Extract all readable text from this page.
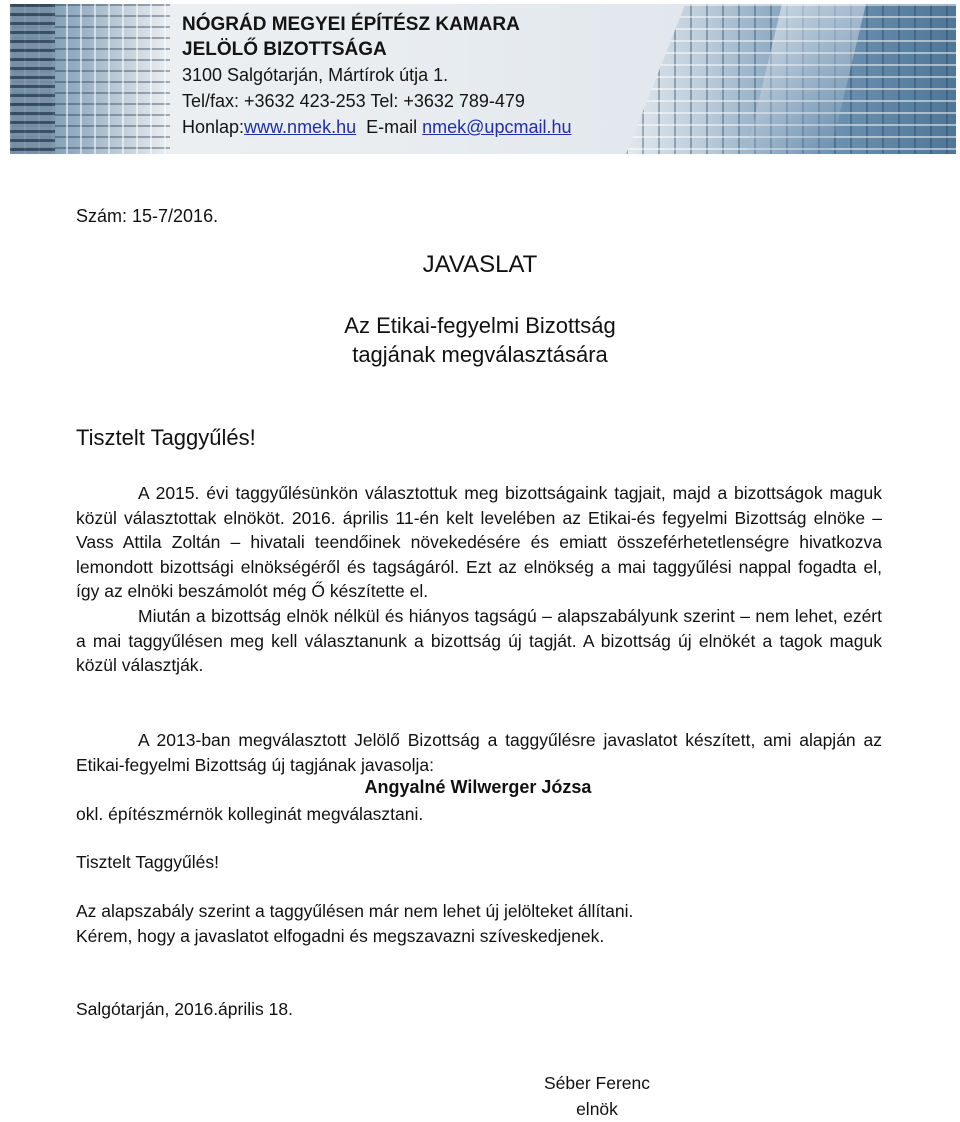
NÓGRÁD MEGYEI ÉPÍTÉSZ KAMARA
JELÖLŐ BIZOTTSÁGA
3100 Salgótarján, Mártírok útja 1.
Tel/fax: +3632 423-253 Tel: +3632 789-479
Honlap:www.nmek.hu E-mail nmek@upcmail.hu
Szám: 15-7/2016.
JAVASLAT
Az Etikai-fegyelmi Bizottság
tagjának megválasztására
Tisztelt Taggyűlés!
A 2015. évi taggyűlésünkön választottuk meg bizottságaink tagjait, majd a bizottságok maguk közül választottak elnököt. 2016. április 11-én kelt levelében az Etikai-és fegyelmi Bizottság elnöke – Vass Attila Zoltán – hivatali teendőinek növekedésére és emiatt összeférhetetlenségre hivatkozva lemondott bizottsági elnökségéről és tagságáról. Ezt az elnökség a mai taggyűlési nappal fogadta el, így az elnöki beszámolót még Ő készítette el.
Miután a bizottság elnök nélkül és hiányos tagságú – alapszabályunk szerint – nem lehet, ezért a mai taggyűlésen meg kell választanunk a bizottság új tagját. A bizottság új elnökét a tagok maguk közül választják.
A 2013-ban megválasztott Jelölő Bizottság a taggyűlésre javaslatot készített, ami alapján az Etikai-fegyelmi Bizottság új tagjának javasolja:
Angyalné Wilwerger Józsa
okl. építészmérnök kolleginát megválasztani.
Tisztelt Taggyűlés!
Az alapszabály szerint a taggyűlésen már nem lehet új jelölteket állítani.
Kérem, hogy a javaslatot elfogadni és megszavazni szíveskedjenek.
Salgótarján, 2016.április 18.
Séber Ferenc
elnök
